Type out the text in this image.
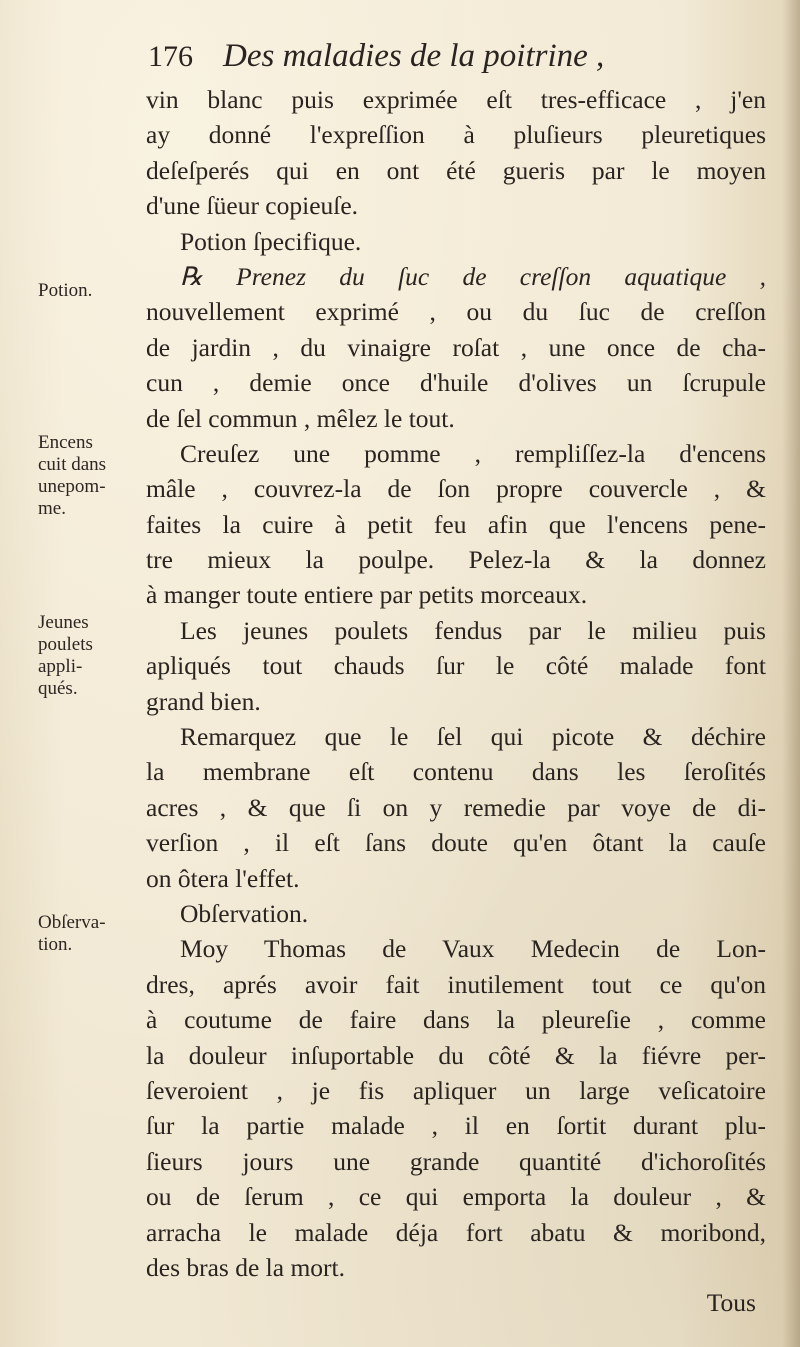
176 Des maladies de la poitrine ,
Potion.
Encens
cuit dans
unepom-
me.
Jeunes
poulets
appli-
qués.
Obſerva-
tion.
vin blanc puis exprimée eſt tres-efficace , j'en
ay donné l'expreſſion à pluſieurs pleuretiques
deſeſperés qui en ont été gueris par le moyen
d'une ſüeur copieuſe.
Potion ſpecifique.
℞ Prenez du ſuc de creſſon aquatique ,
nouvellement exprimé , ou du ſuc de creſſon
de jardin , du vinaigre roſat , une once de cha-
cun , demie once d'huile d'olives un ſcrupule
de ſel commun , mêlez le tout.
Creuſez une pomme , rempliſſez-la d'encens
mâle , couvrez-la de ſon propre couvercle , &
faites la cuire à petit feu afin que l'encens pene-
tre mieux la poulpe. Pelez-la & la donnez
à manger toute entiere par petits morceaux.
Les jeunes poulets fendus par le milieu puis
apliqués tout chauds ſur le côté malade font
grand bien.
Remarquez que le ſel qui picote & déchire
la membrane eſt contenu dans les ſeroſités
acres , & que ſi on y remedie par voye de di-
verſion , il eſt ſans doute qu'en ôtant la cauſe
on ôtera l'effet.
Obſervation.
Moy Thomas de Vaux Medecin de Lon-
dres, aprés avoir fait inutilement tout ce qu'on
à coutume de faire dans la pleureſie , comme
la douleur inſuportable du côté & la fiévre per-
ſeveroient , je fis apliquer un large veſicatoire
ſur la partie malade , il en ſortit durant plu-
ſieurs jours une grande quantité d'ichoroſités
ou de ſerum , ce qui emporta la douleur , &
arracha le malade déja fort abatu & moribond,
des bras de la mort.
Tous
